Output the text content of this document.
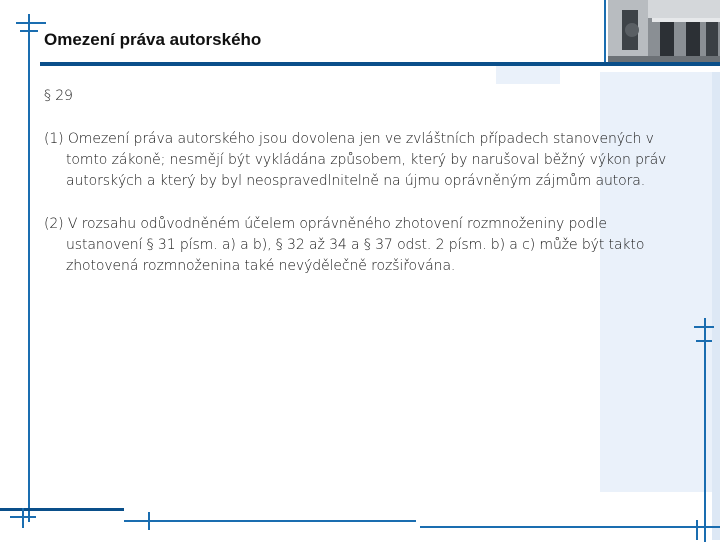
Omezení práva autorského
§ 29
(1) Omezení práva autorského jsou dovolena jen ve zvláštních případech stanovených v tomto zákoně; nesmějí být vykládána způsobem, který by narušoval běžný výkon práv autorských a který by byl neospravedlnitelně na újmu oprávněným zájmům autora.
(2) V rozsahu odůvodněném účelem oprávněného zhotovení rozmnoženiny podle ustanovení § 31 písm. a) a b), § 32 až 34 a § 37 odst. 2 písm. b) a c) může být takto zhotovená rozmnoženina také nevýdělečně rozšiřována.
